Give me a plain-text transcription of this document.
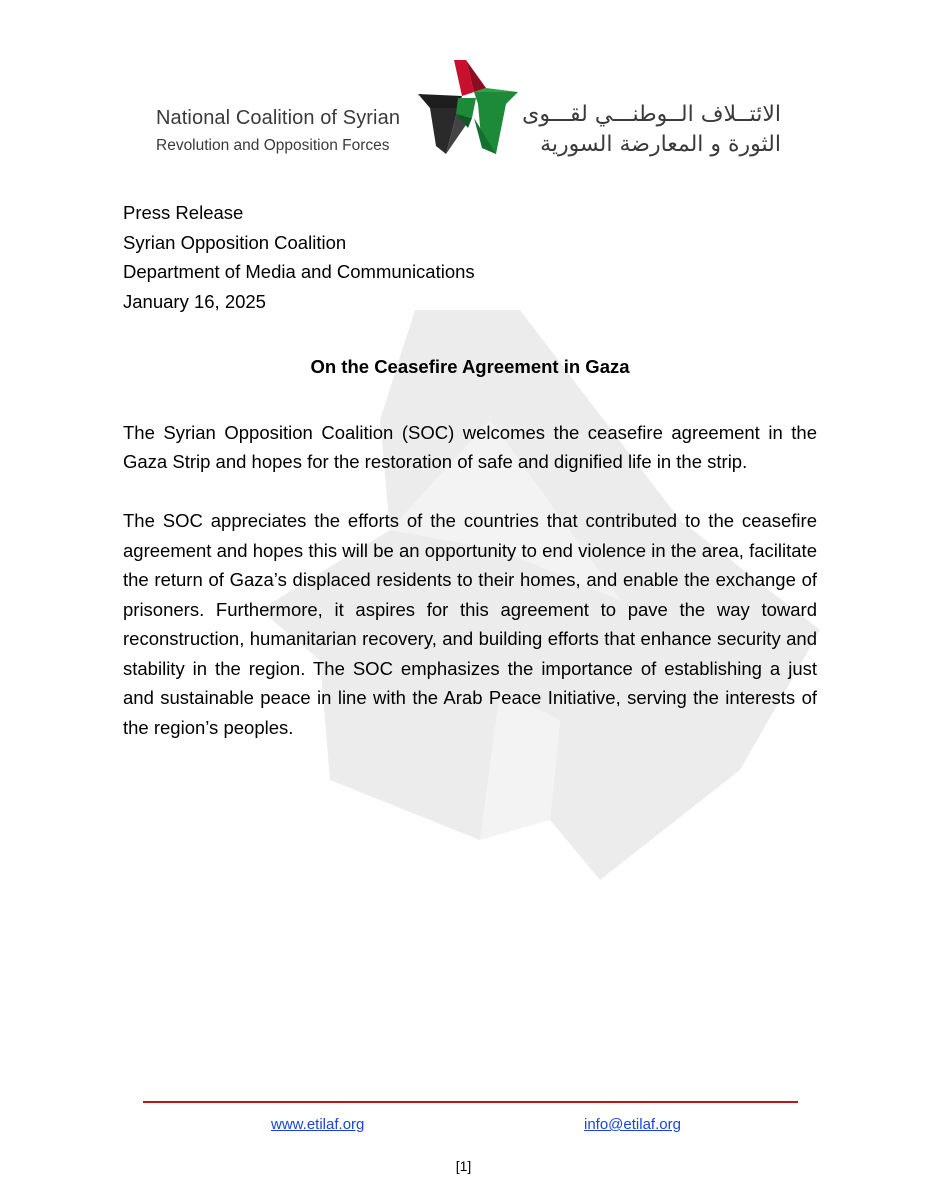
National Coalition of Syrian
Revolution and Opposition Forces
الائتــلاف الــوطنـــي لقـــوى
الثورة و المعارضة السورية
Press Release
Syrian Opposition Coalition
Department of Media and Communications
January 16, 2025
On the Ceasefire Agreement in Gaza

The Syrian Opposition Coalition (SOC) welcomes the ceasefire agreement in the Gaza Strip and hopes for the restoration of safe and dignified life in the strip.

The SOC appreciates the efforts of the countries that contributed to the ceasefire agreement and hopes this will be an opportunity to end violence in the area, facilitate the return of Gaza’s displaced residents to their homes, and enable the exchange of prisoners. Furthermore, it aspires for this agreement to pave the way toward reconstruction, humanitarian recovery, and building efforts that enhance security and stability in the region. The SOC emphasizes the importance of establishing a just and sustainable peace in line with the Arab Peace Initiative, serving the interests of the region’s peoples.

www.etilaf.org	info@etilaf.org
[1]
